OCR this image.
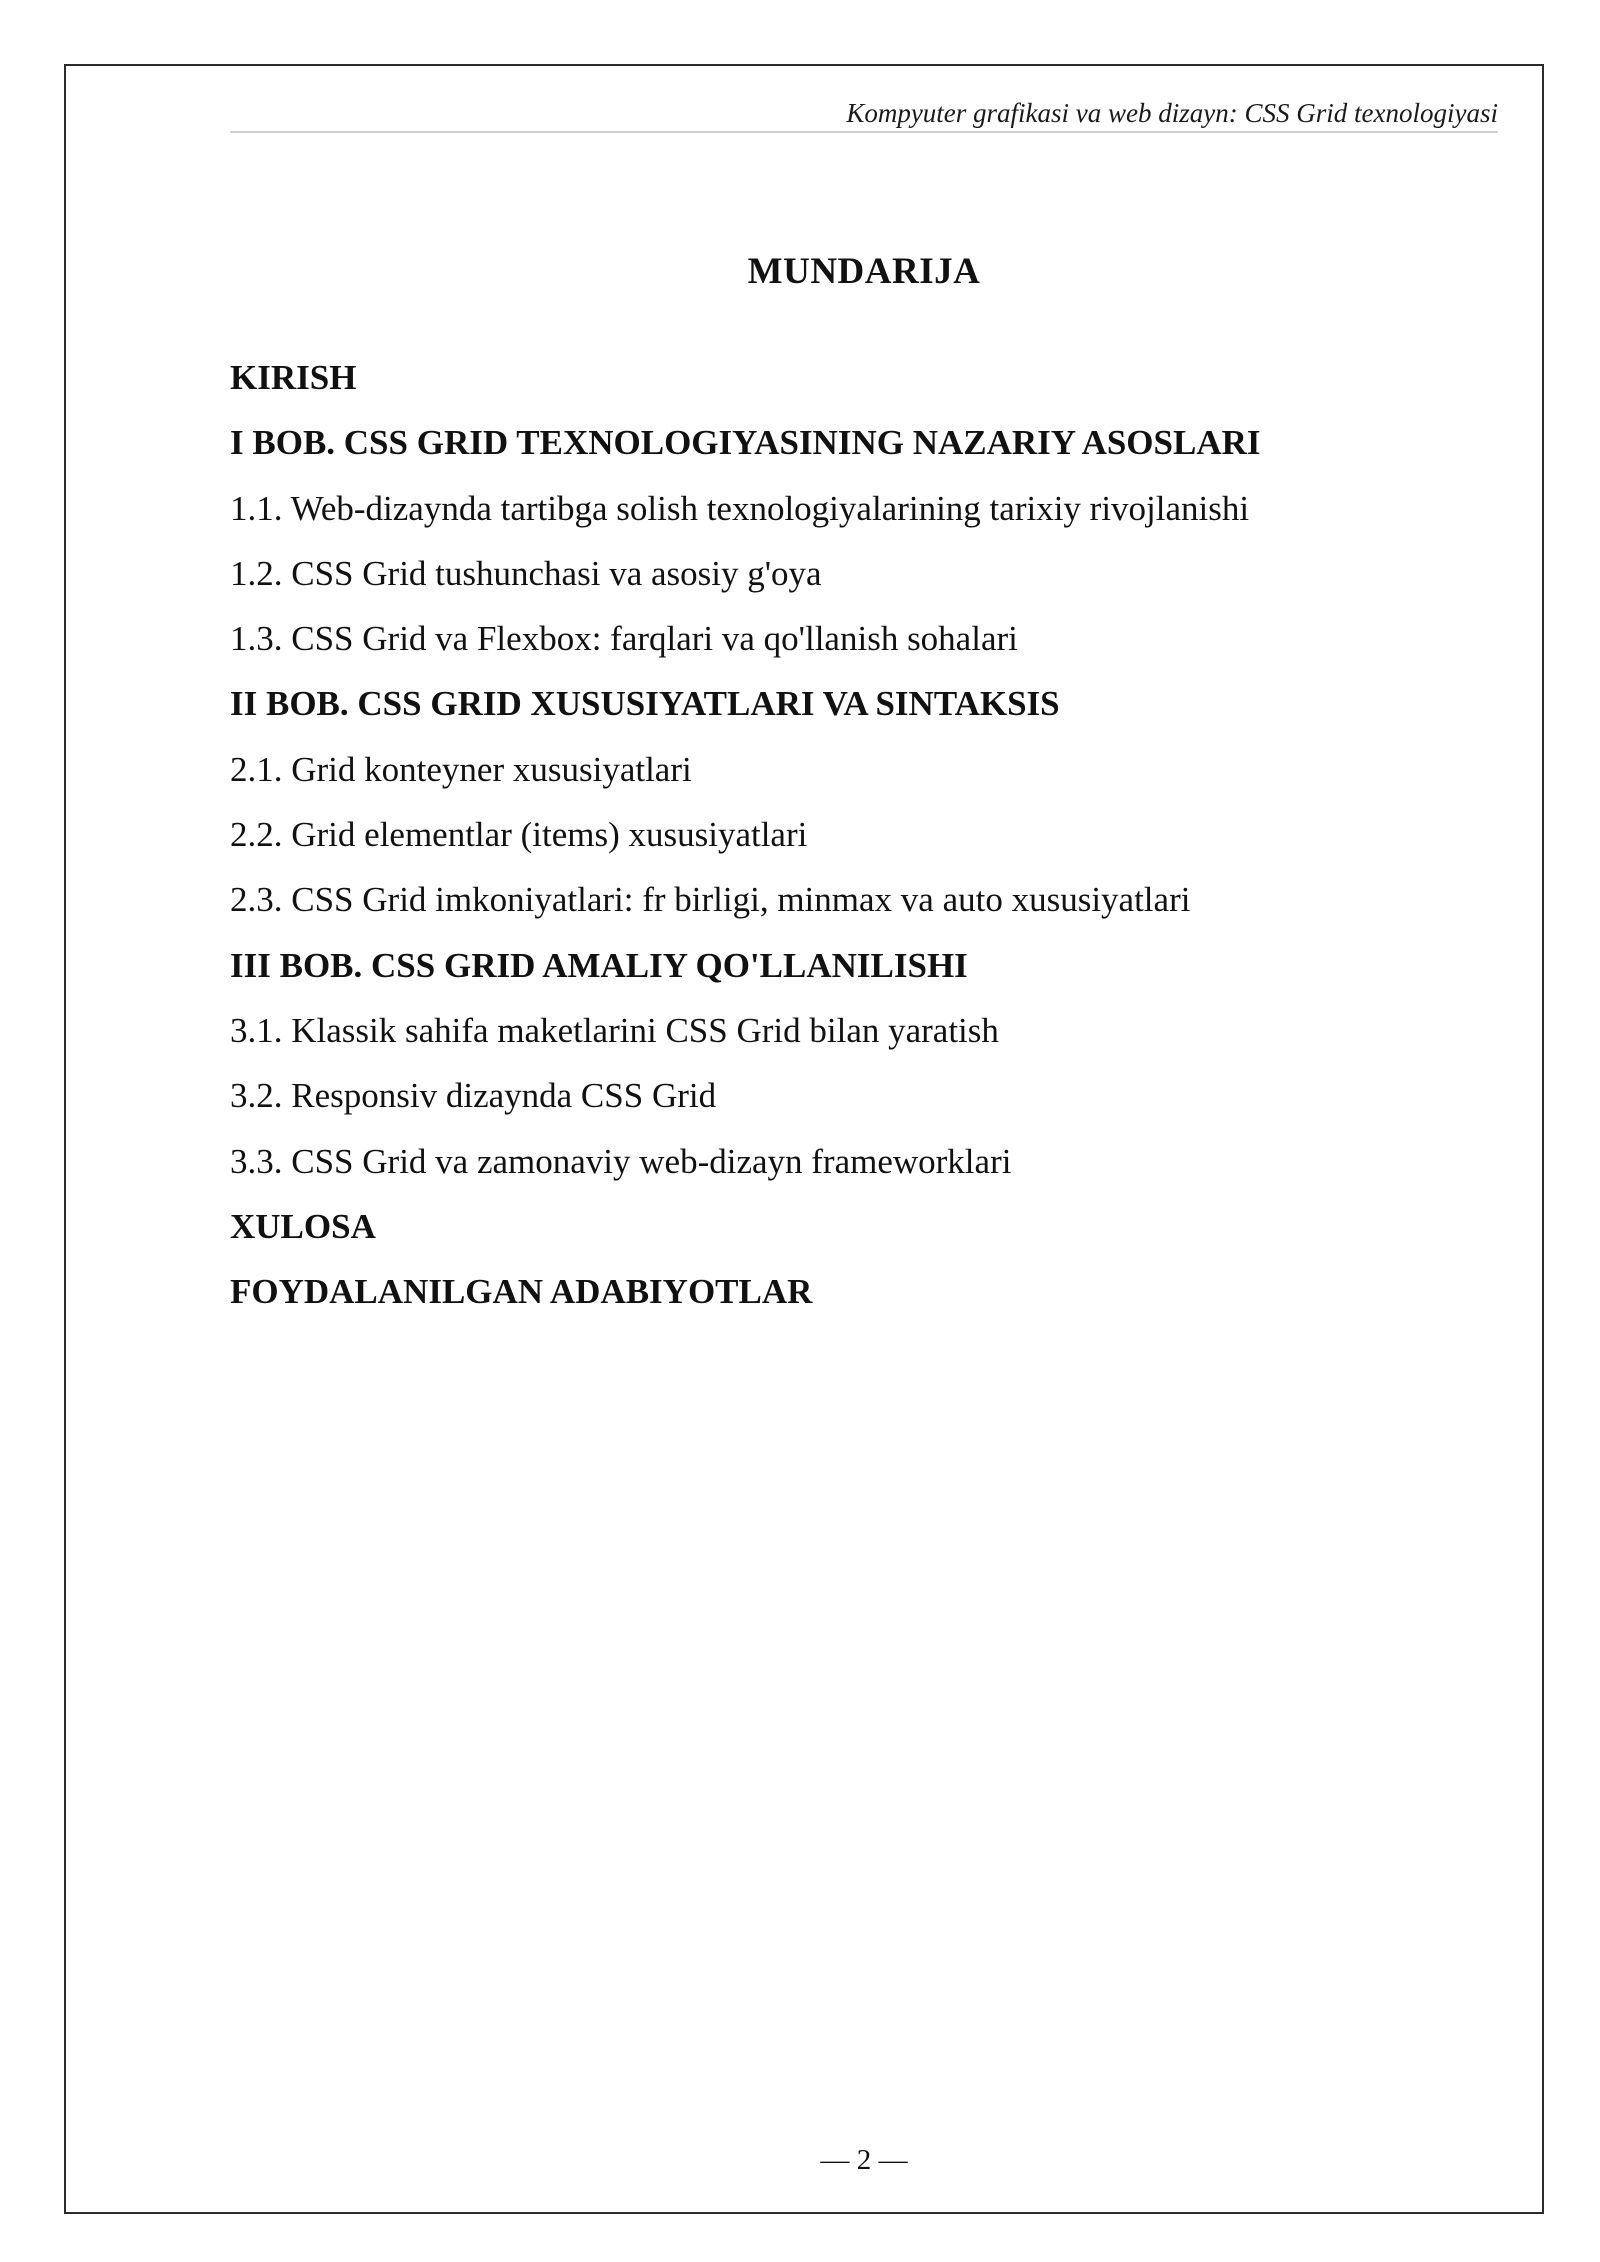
Kompyuter grafikasi va web dizayn: CSS Grid texnologiyasi
MUNDARIJA
KIRISH
I BOB. CSS GRID TEXNOLOGIYASINING NAZARIY ASOSLARI
1.1. Web-dizaynda tartibga solish texnologiyalarining tarixiy rivojlanishi
1.2. CSS Grid tushunchasi va asosiy g'oya
1.3. CSS Grid va Flexbox: farqlari va qo'llanish sohalari
II BOB. CSS GRID XUSUSIYATLARI VA SINTAKSIS
2.1. Grid konteyner xususiyatlari
2.2. Grid elementlar (items) xususiyatlari
2.3. CSS Grid imkoniyatlari: fr birligi, minmax va auto xususiyatlari
III BOB. CSS GRID AMALIY QO'LLANILISHI
3.1. Klassik sahifa maketlarini CSS Grid bilan yaratish
3.2. Responsiv dizaynda CSS Grid
3.3. CSS Grid va zamonaviy web-dizayn frameworklari
XULOSA
FOYDALANILGAN ADABIYOTLAR
— 2 —
